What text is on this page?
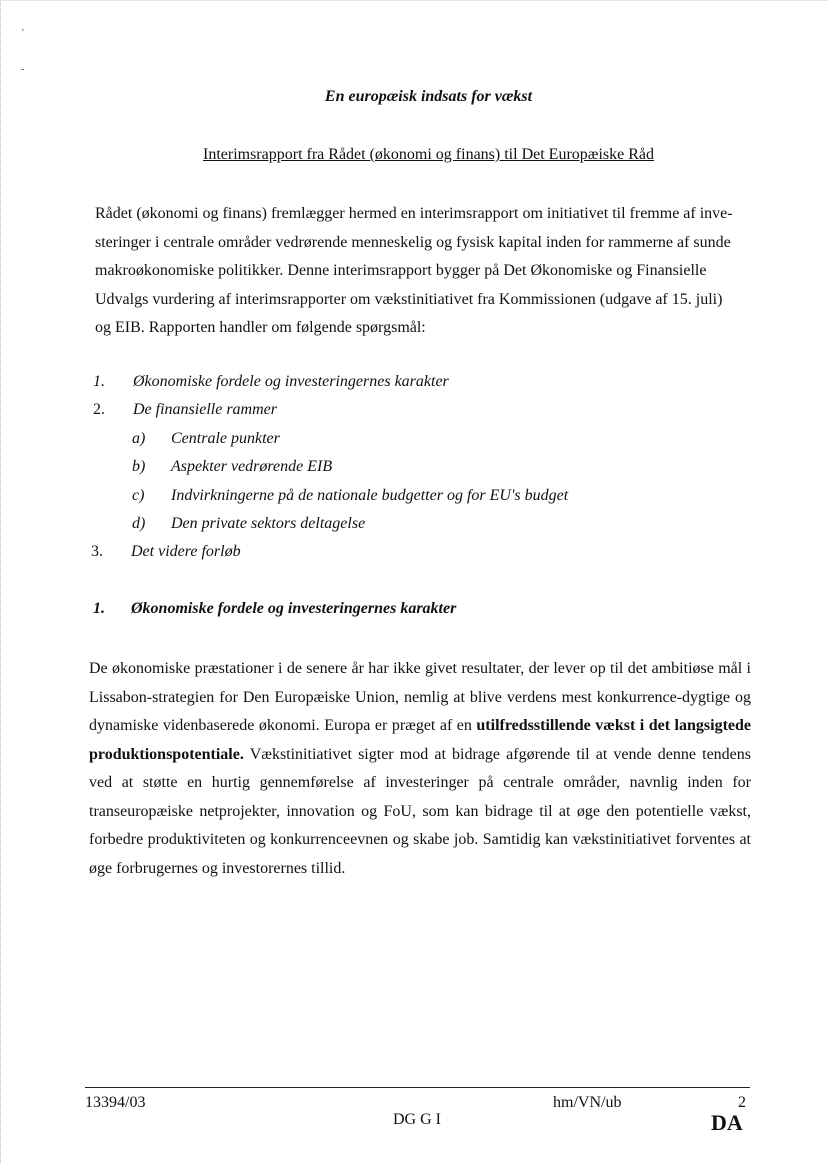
'
-
En europæisk indsats for vækst
Interimsrapport fra Rådet (økonomi og finans) til Det Europæiske Råd
Rådet (økonomi og finans) fremlægger hermed en interimsrapport om initiativet til fremme af inve-
steringer i centrale områder vedrørende menneskelig og fysisk kapital inden for rammerne af sunde
makroøkonomiske politikker. Denne interimsrapport bygger på Det Økonomiske og Finansielle
Udvalgs vurdering af interimsrapporter om vækstinitiativet fra Kommissionen (udgave af 15. juli)
og EIB. Rapporten handler om følgende spørgsmål:
1. Økonomiske fordele og investeringernes karakter
2. De finansielle rammer
a) Centrale punkter
b) Aspekter vedrørende EIB
c) Indvirkningerne på de nationale budgetter og for EU's budget
d) Den private sektors deltagelse
3. Det videre forløb
1. Økonomiske fordele og investeringernes karakter

De økonomiske præstationer i de senere år har ikke givet resultater, der lever op til det ambitiøse mål i Lissabon-strategien for Den Europæiske Union, nemlig at blive verdens mest konkurrence-dygtige og dynamiske videnbaserede økonomi. Europa er præget af en utilfredsstillende vækst i det langsigtede produktionspotentiale. Vækstinitiativet sigter mod at bidrage afgørende til at vende denne tendens ved at støtte en hurtig gennemførelse af investeringer på centrale områder, navnlig inden for transeuropæiske netprojekter, innovation og FoU, som kan bidrage til at øge den potentielle vækst, forbedre produktiviteten og konkurrenceevnen og skabe job. Samtidig kan vækstinitiativet forventes at øge forbrugernes og investorernes tillid.

13394/03	hm/VN/ub	2
DG G I	DA
